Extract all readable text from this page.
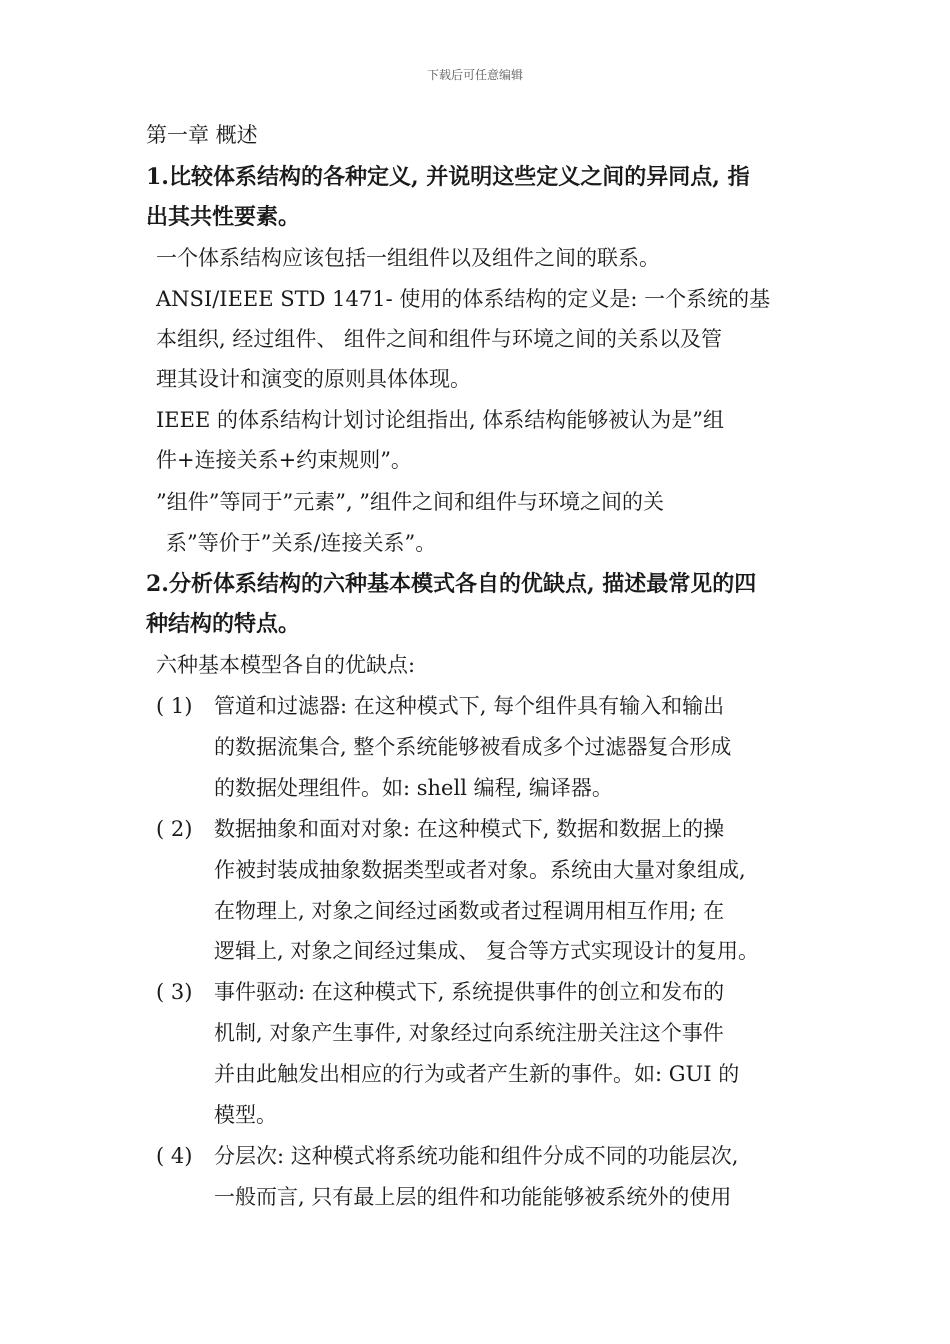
下载后可任意编辑
第一章 概述
1.比较体系结构的各种定义, 并说明这些定义之间的异同点, 指
出其共性要素。
一个体系结构应该包括一组组件以及组件之间的联系。
ANSI/IEEE STD 1471- 使用的体系结构的定义是: 一个系统的基
本组织, 经过组件、 组件之间和组件与环境之间的关系以及管
理其设计和演变的原则具体体现。
IEEE 的体系结构计划讨论组指出, 体系结构能够被认为是”组
件+连接关系+约束规则”。
”组件”等同于”元素”, ”组件之间和组件与环境之间的关
系”等价于”关系/连接关系”。
2.分析体系结构的六种基本模式各自的优缺点, 描述最常见的四
种结构的特点。
六种基本模型各自的优缺点:
( 1) 管道和过滤器: 在这种模式下, 每个组件具有输入和输出
的数据流集合, 整个系统能够被看成多个过滤器复合形成
的数据处理组件。如: shell 编程, 编译器。
( 2) 数据抽象和面对对象: 在这种模式下, 数据和数据上的操
作被封装成抽象数据类型或者对象。系统由大量对象组成,
在物理上, 对象之间经过函数或者过程调用相互作用; 在
逻辑上, 对象之间经过集成、 复合等方式实现设计的复用。
( 3) 事件驱动: 在这种模式下, 系统提供事件的创立和发布的
机制, 对象产生事件, 对象经过向系统注册关注这个事件
并由此触发出相应的行为或者产生新的事件。如: GUI 的
模型。
( 4) 分层次: 这种模式将系统功能和组件分成不同的功能层次,
一般而言, 只有最上层的组件和功能能够被系统外的使用
